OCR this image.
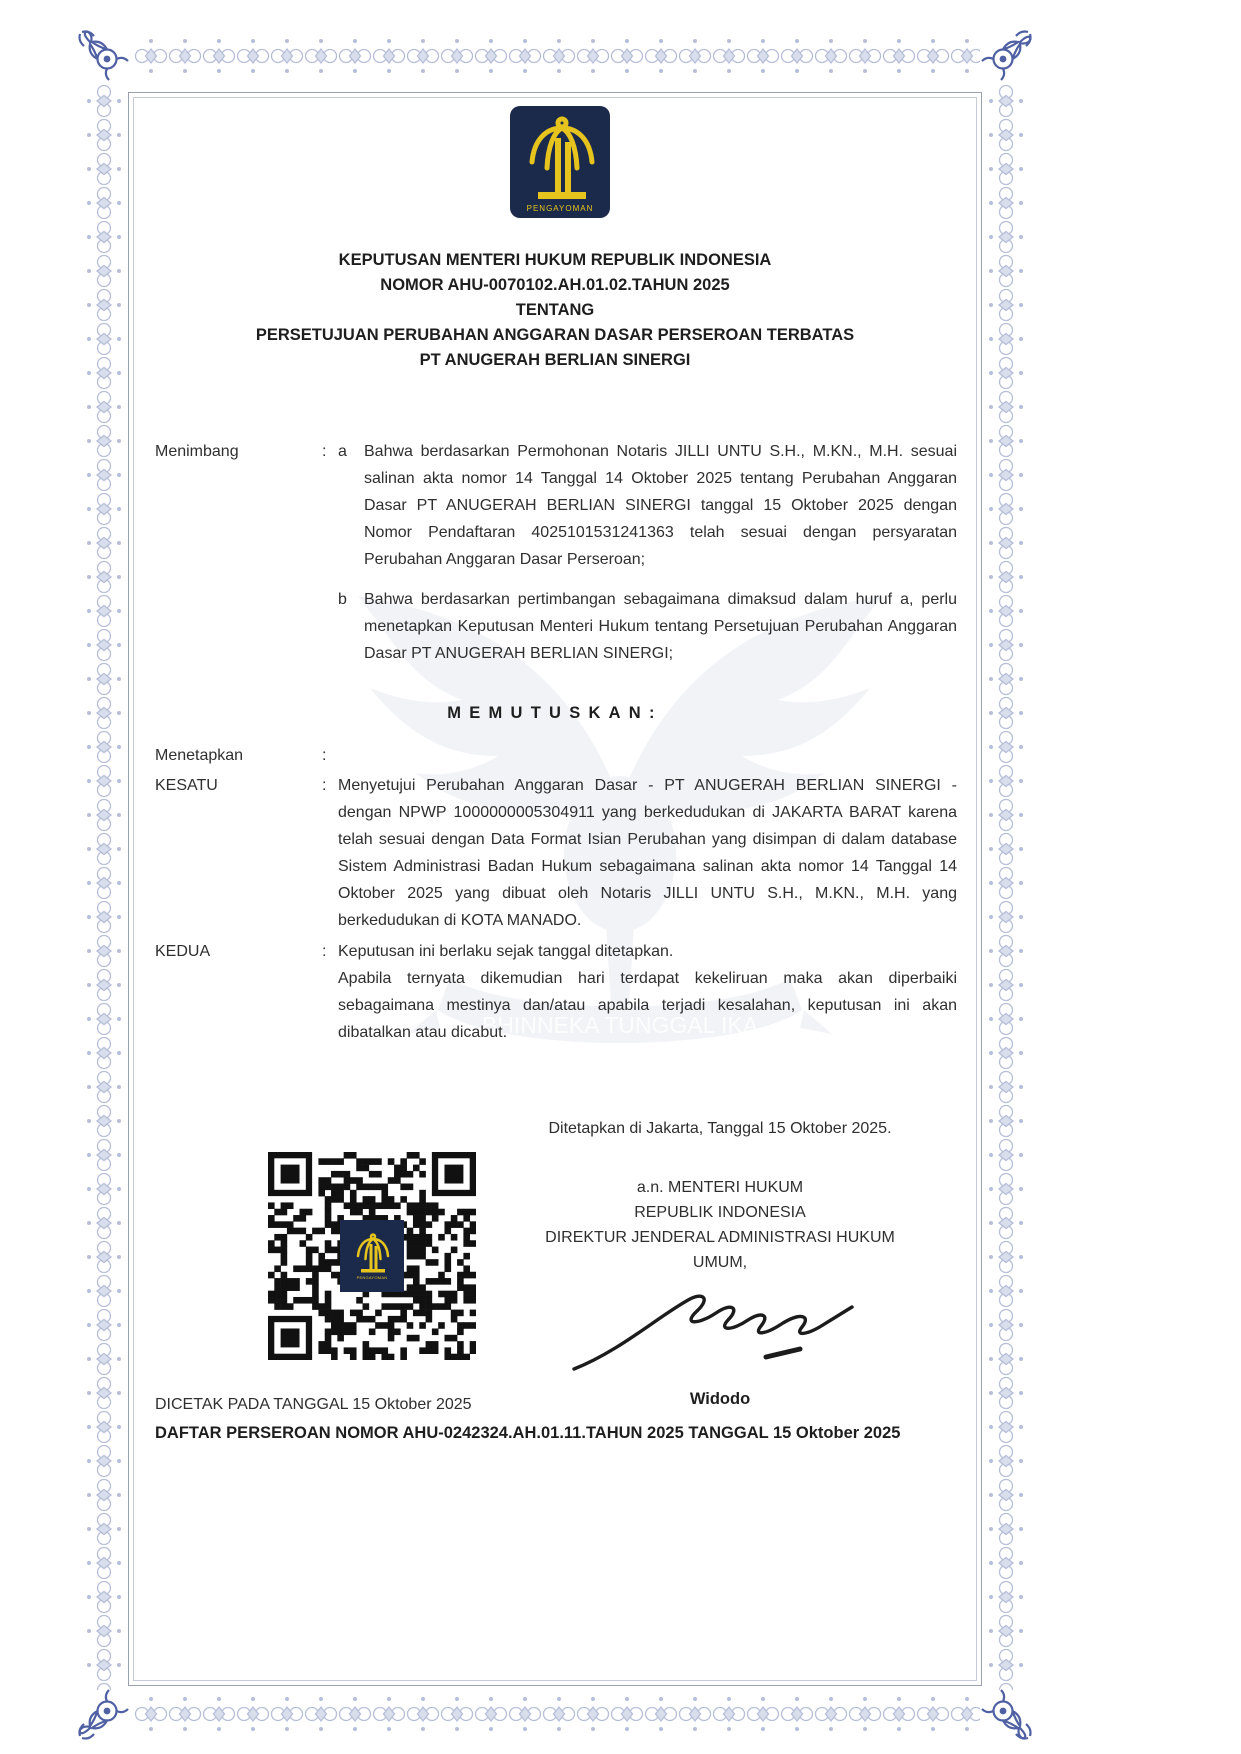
BHINNEKA TUNGGAL IKA
PENGAYOMAN
KEPUTUSAN MENTERI HUKUM REPUBLIK INDONESIA
NOMOR AHU-0070102.AH.01.02.TAHUN 2025
TENTANG
PERSETUJUAN PERUBAHAN ANGGARAN DASAR PERSEROAN TERBATAS
PT ANUGERAH BERLIAN SINERGI
Menimbang	: a	Bahwa berdasarkan Permohonan Notaris JILLI UNTU S.H., M.KN., M.H. sesuai salinan akta nomor 14 Tanggal 14 Oktober 2025 tentang Perubahan Anggaran Dasar PT ANUGERAH BERLIAN SINERGI tanggal 15 Oktober 2025 dengan Nomor Pendaftaran 4025101531241363 telah sesuai dengan persyaratan Perubahan Anggaran Dasar Perseroan;
b	Bahwa berdasarkan pertimbangan sebagaimana dimaksud dalam huruf a, perlu menetapkan Keputusan Menteri Hukum tentang Persetujuan Perubahan Anggaran Dasar PT ANUGERAH BERLIAN SINERGI;
MEMUTUSKAN:
Menetapkan	:
KESATU	: Menyetujui Perubahan Anggaran Dasar - PT ANUGERAH BERLIAN SINERGI - dengan NPWP 1000000005304911 yang berkedudukan di JAKARTA BARAT karena telah sesuai dengan Data Format Isian Perubahan yang disimpan di dalam database Sistem Administrasi Badan Hukum sebagaimana salinan akta nomor 14 Tanggal 14 Oktober 2025 yang dibuat oleh Notaris JILLI UNTU S.H., M.KN., M.H. yang berkedudukan di KOTA MANADO.
KEDUA	: Keputusan ini berlaku sejak tanggal ditetapkan.
Apabila ternyata dikemudian hari terdapat kekeliruan maka akan diperbaiki sebagaimana mestinya dan/atau apabila terjadi kesalahan, keputusan ini akan dibatalkan atau dicabut.
Ditetapkan di Jakarta, Tanggal 15 Oktober 2025.
a.n. MENTERI HUKUM
REPUBLIK INDONESIA
DIREKTUR JENDERAL ADMINISTRASI HUKUM UMUM,
Widodo
PENGAYOMAN
DICETAK PADA TANGGAL 15 Oktober 2025
DAFTAR PERSEROAN NOMOR AHU-0242324.AH.01.11.TAHUN 2025 TANGGAL 15 Oktober 2025
